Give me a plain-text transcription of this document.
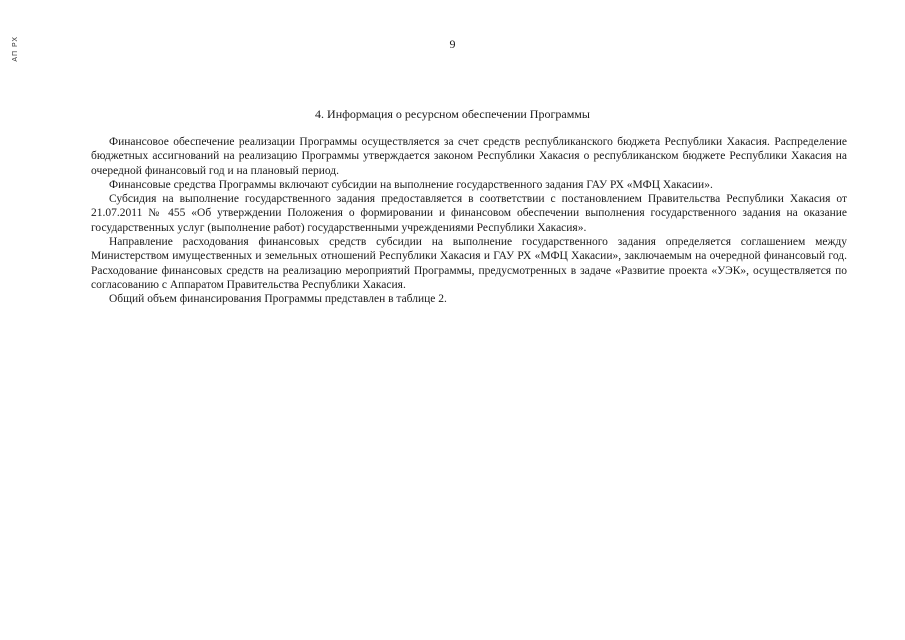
АП РХ	9
4. Информация о ресурсном обеспечении Программы

Финансовое обеспечение реализации Программы осуществляется за счет средств республиканского бюджета Республики Хакасия. Распределение бюджетных ассигнований на реализацию Программы утверждается законом Республики Хакасия о республиканском бюджете Республики Хакасия на очередной финансовый год и на плановый период.

Финансовые средства Программы включают субсидии на выполнение государственного задания ГАУ РХ «МФЦ Хакасии».

Субсидия на выполнение государственного задания предоставляется в соответствии с постановлением Правительства Республики Хакасия от 21.07.2011 № 455 «Об утверждении Положения о формировании и финансовом обеспечении выполнения государственного задания на оказание государственных услуг (выполнение работ) государственными учреждениями Республики Хакасия».

Направление расходования финансовых средств субсидии на выполнение государственного задания определяется соглашением между Министерством имущественных и земельных отношений Республики Хакасия и ГАУ РХ «МФЦ Хакасии», заключаемым на очередной финансовый год. Расходование финансовых средств на реализацию мероприятий Программы, предусмотренных в задаче «Развитие проекта «УЭК», осуществляется по согласованию с Аппаратом Правительства Республики Хакасия.

Общий объем финансирования Программы представлен в таблице 2.
